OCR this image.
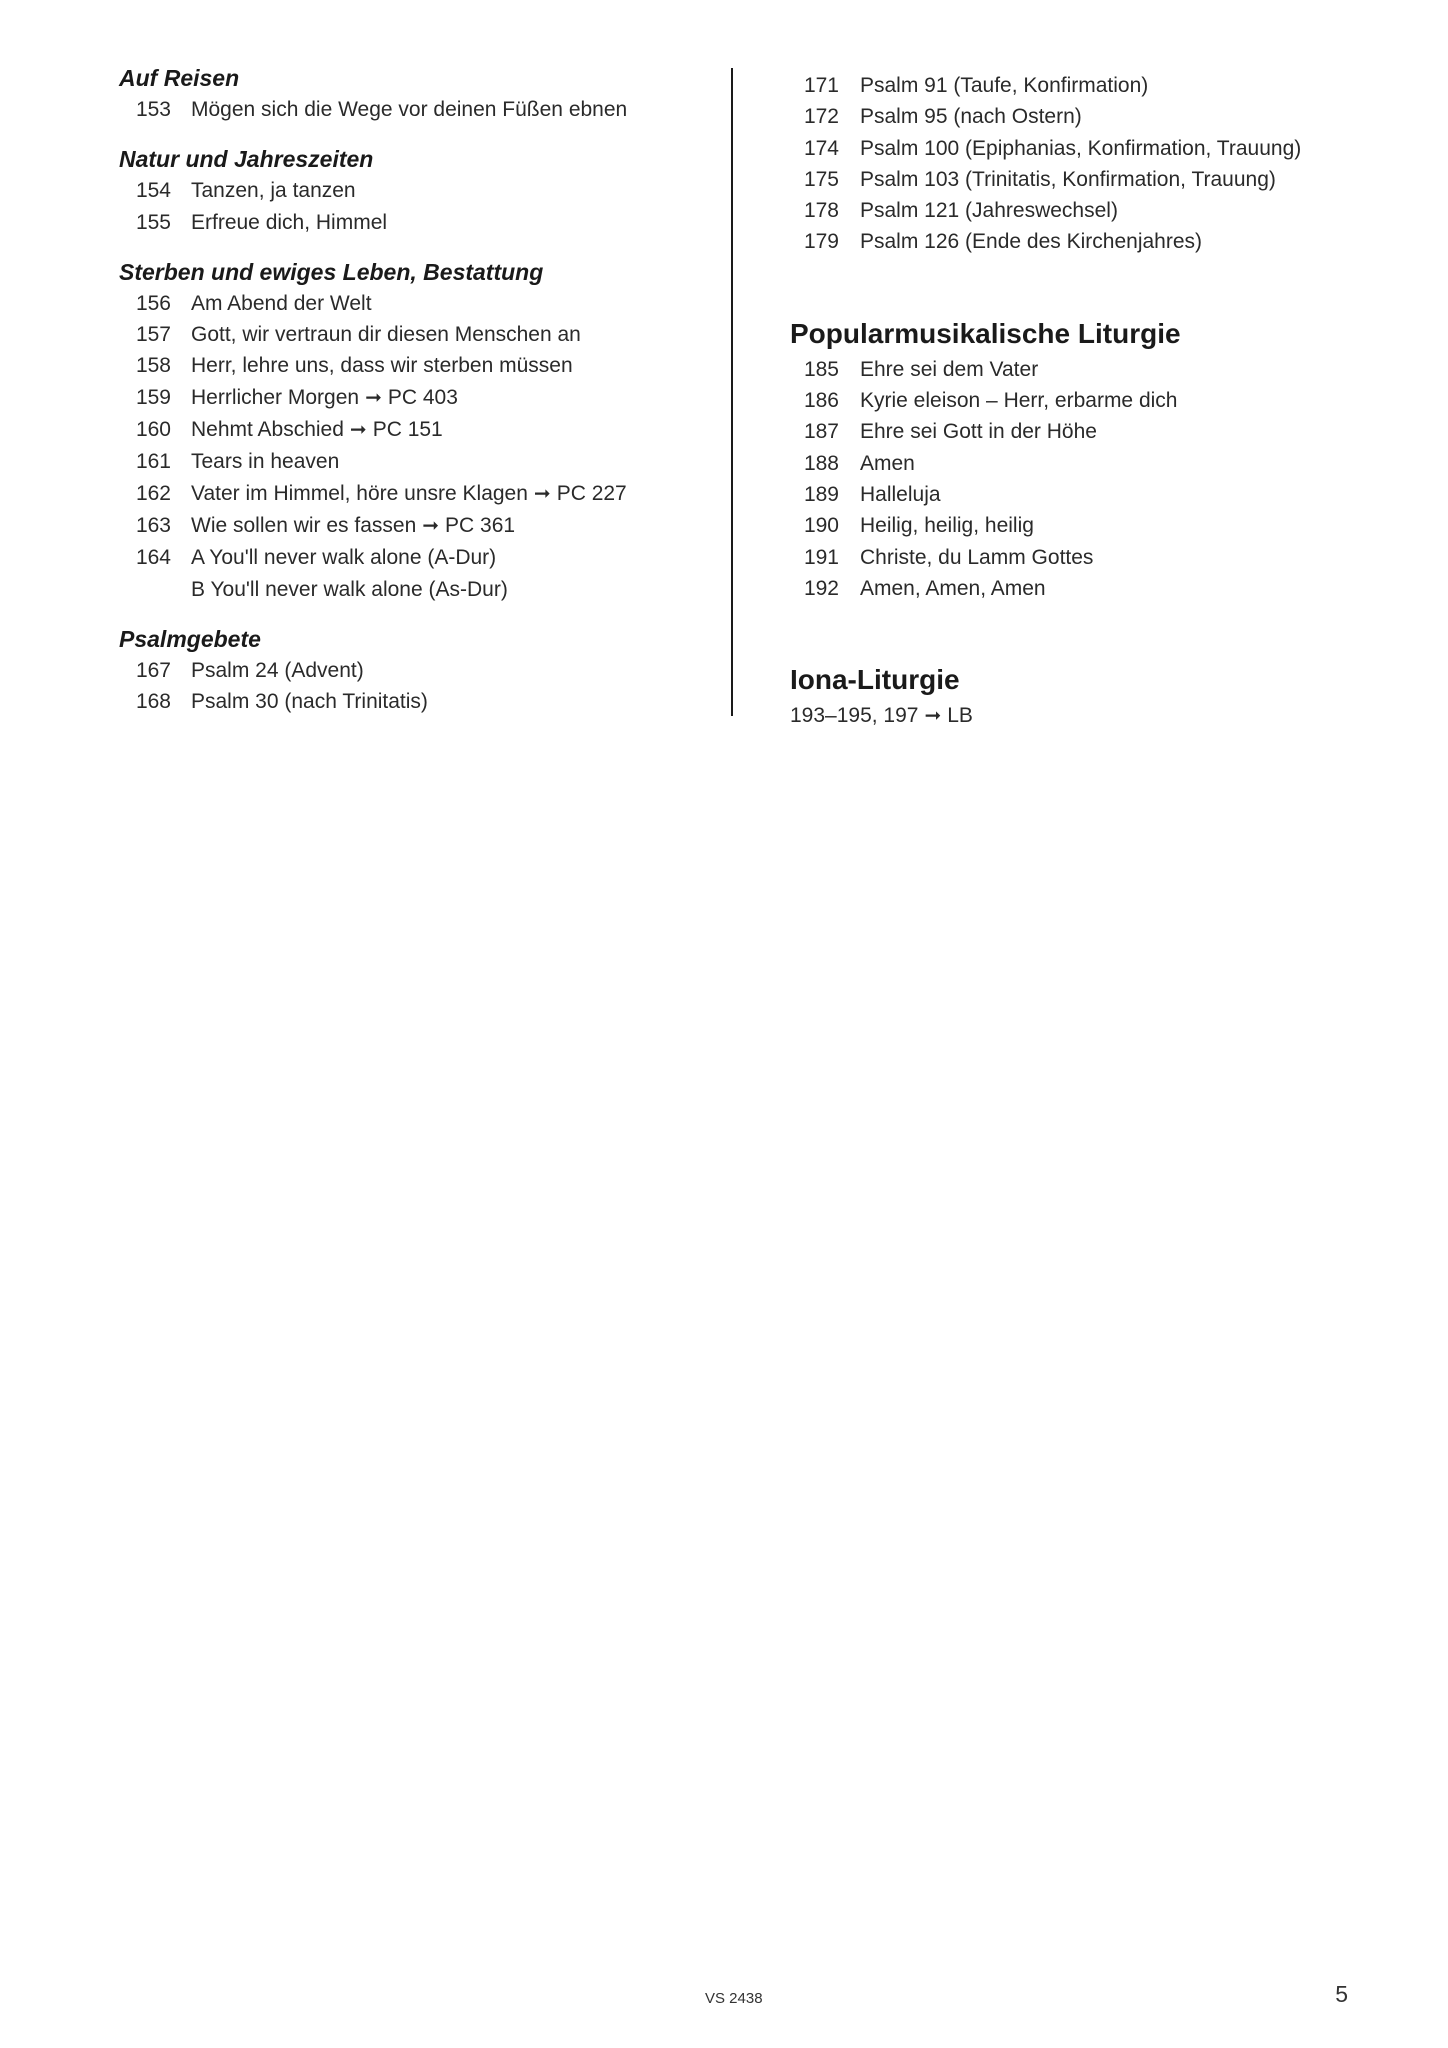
Auf Reisen
153 Mögen sich die Wege vor deinen Füßen ebnen
Natur und Jahreszeiten
154 Tanzen, ja tanzen
155 Erfreue dich, Himmel
Sterben und ewiges Leben, Bestattung
156 Am Abend der Welt
157 Gott, wir vertraun dir diesen Menschen an
158 Herr, lehre uns, dass wir sterben müssen
159 Herrlicher Morgen ➞ PC 403
160 Nehmt Abschied ➞ PC 151
161 Tears in heaven
162 Vater im Himmel, höre unsre Klagen ➞ PC 227
163 Wie sollen wir es fassen ➞ PC 361
164 A You'll never walk alone (A-Dur)
B You'll never walk alone (As-Dur)
Psalmgebete
167 Psalm 24 (Advent)
168 Psalm 30 (nach Trinitatis)
171 Psalm 91 (Taufe, Konfirmation)
172 Psalm 95 (nach Ostern)
174 Psalm 100 (Epiphanias, Konfirmation, Trauung)
175 Psalm 103 (Trinitatis, Konfirmation, Trauung)
178 Psalm 121 (Jahreswechsel)
179 Psalm 126 (Ende des Kirchenjahres)
Popularmusikalische Liturgie
185 Ehre sei dem Vater
186 Kyrie eleison – Herr, erbarme dich
187 Ehre sei Gott in der Höhe
188 Amen
189 Halleluja
190 Heilig, heilig, heilig
191 Christe, du Lamm Gottes
192 Amen, Amen, Amen
Iona-Liturgie
193–195, 197 ➞ LB
VS 2438	5
